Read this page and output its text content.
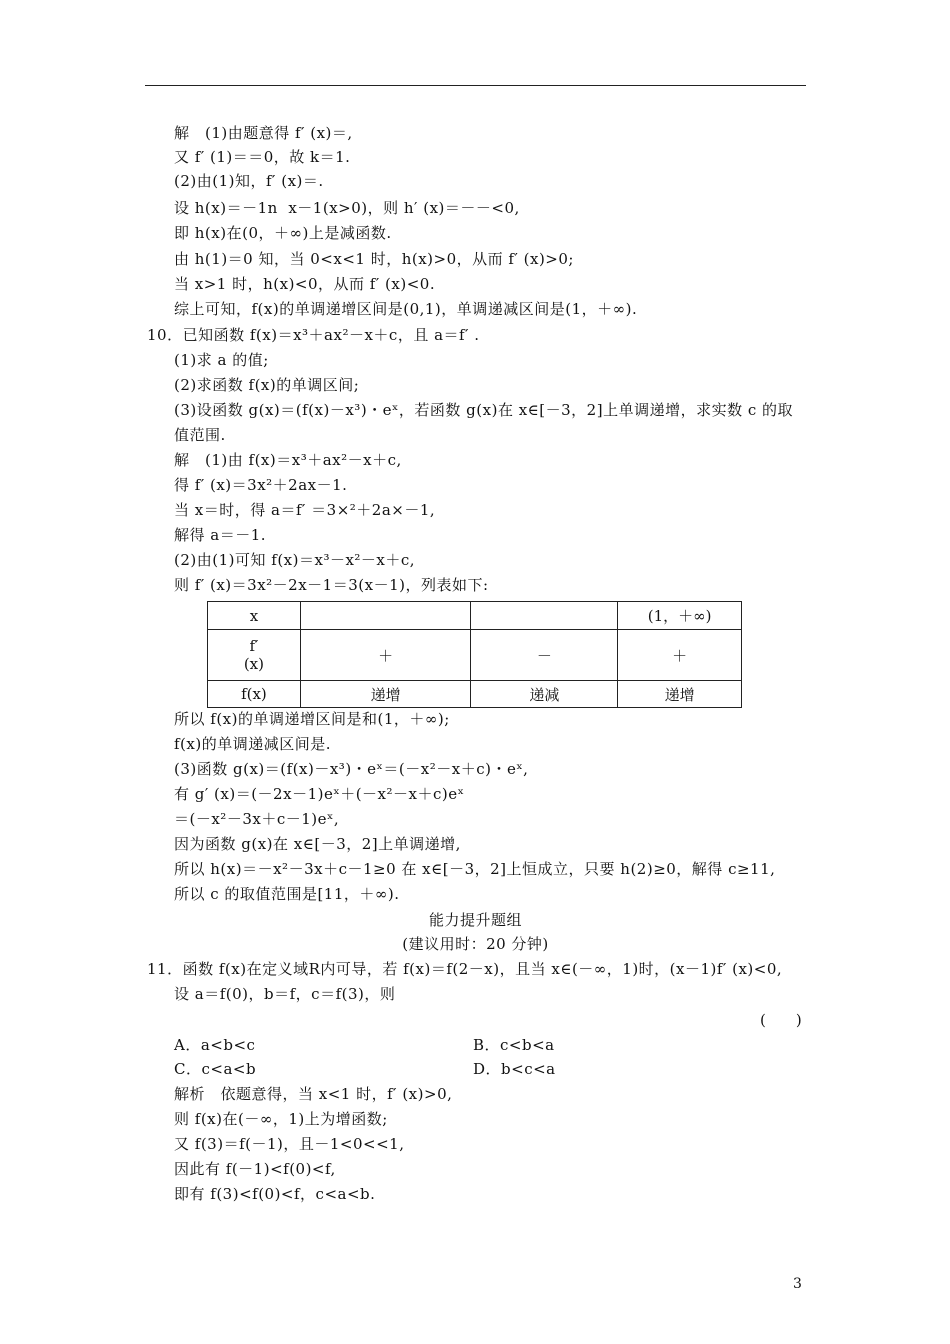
解　(1)由题意得 f′ (x)＝,
又 f′ (1)＝＝0，故 k＝1.
(2)由(1)知，f′ (x)＝.
设 h(x)＝－1n  x－1(x>0)，则 h′ (x)＝－－<0,
即 h(x)在(0，＋∞)上是减函数.
由 h(1)＝0 知，当 0<x<1 时，h(x)>0，从而 f′ (x)>0;
当 x>1 时，h(x)<0，从而 f′ (x)<0.
综上可知，f(x)的单调递增区间是(0,1)，单调递减区间是(1，＋∞).
10．已知函数 f(x)＝x³＋ax²－x＋c，且 a＝f′ .
(1)求 a 的值;
(2)求函数 f(x)的单调区间;
(3)设函数 g(x)＝(f(x)－x³)・eˣ，若函数 g(x)在 x∈[－3，2]上单调递增，求实数 c 的取
值范围.
解　(1)由 f(x)＝x³＋ax²－x＋c,
得 f′ (x)＝3x²＋2ax－1.
当 x＝时，得 a＝f′ ＝3×²＋2a×－1,
解得 a＝－1.
(2)由(1)可知 f(x)＝x³－x²－x＋c,
则 f′ (x)＝3x²－2x－1＝3(x－1)，列表如下:
x			(1，＋∞)

f′
(x)	＋	－	＋
f(x)	递增	递减	递增
所以 f(x)的单调递增区间是和(1，＋∞);
f(x)的单调递减区间是.
(3)函数 g(x)＝(f(x)－x³)・eˣ＝(－x²－x＋c)・eˣ,
有 g′ (x)＝(－2x－1)eˣ＋(－x²－x＋c)eˣ
＝(－x²－3x＋c－1)eˣ,
因为函数 g(x)在 x∈[－3，2]上单调递增,
所以 h(x)＝－x²－3x＋c－1≥0 在 x∈[－3，2]上恒成立，只要 h(2)≥0，解得 c≥11,
所以 c 的取值范围是[11，＋∞).
能力提升题组
(建议用时：20 分钟)
11．函数 f(x)在定义域R内可导，若 f(x)＝f(2－x)，且当 x∈(－∞，1)时，(x－1)f′ (x)<0,
设 a＝f(0)，b＝f，c＝f(3)，则
(　　)
A．a<b<c	B．c<b<a
C．c<a<b	D．b<c<a
解析　依题意得，当 x<1 时，f′ (x)>0,
则 f(x)在(－∞，1)上为增函数;
又 f(3)＝f(－1)，且－1<0<<1,
因此有 f(－1)<f(0)<f,
即有 f(3)<f(0)<f，c<a<b.
3
